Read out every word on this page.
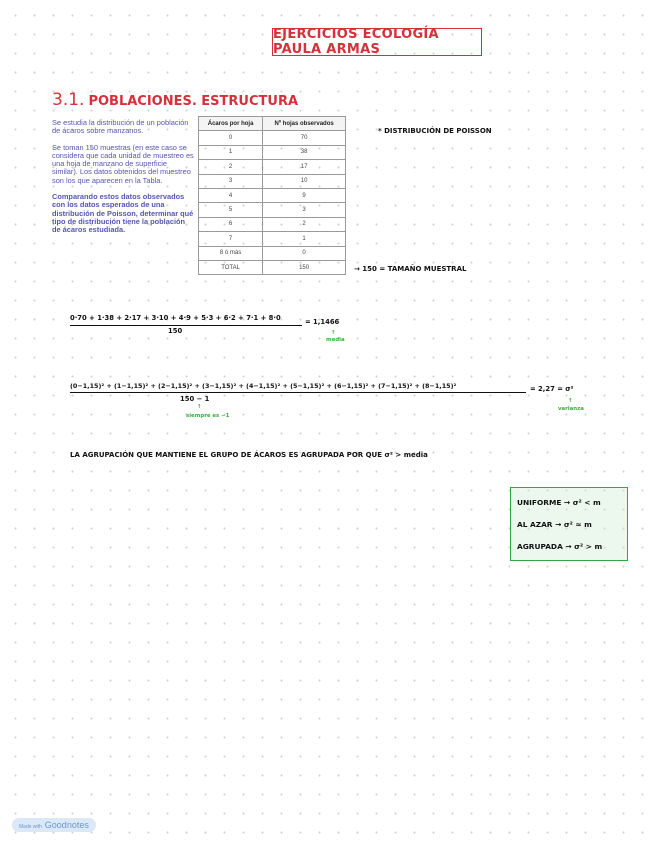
EJERCICIOS ECOLOGÍA PAULA ARMAS
3.1. POBLACIONES. ESTRUCTURA

Se estudia la distribución de un población de ácaros sobre manzanos.

Se toman 150 muestras (en este caso se considera que cada unidad de muestreo es una hoja de manzano de superficie similar). Los datos obtenidos del muestreo son los que aparecen en la Tabla.

Comparando estos datos observados con los datos esperados de una distribución de Poisson, determinar qué tipo de distribución tiene la población de ácaros estudiada.

Ácaros por hoja	Nº hojas observados
0	70
1	38
2	17
3	10
4	9
5	3
6	2
7	1
8 ó más	0
TOTAL	150
* DISTRIBUCIÓN DE POISSON
→ 150 = TAMAÑO MUESTRAL
0·70 + 1·38 + 2·17 + 3·10 + 4·9 + 5·3 + 6·2 + 7·1 + 8·0
150
= 1,1466
↑
media
(0−1,15)² + (1−1,15)² + (2−1,15)² + (3−1,15)² + (4−1,15)² + (5−1,15)² + (6−1,15)² + (7−1,15)² + (8−1,15)²
150 − 1
↑
siempre es −1
= 2,27 = σ²
↑
varianza
LA AGRUPACIÓN QUE MANTIENE EL GRUPO DE ÁCAROS ES AGRUPADA POR QUE σ² > media
UNIFORME → σ² < m
AL AZAR → σ² ≈ m
AGRUPADA → σ² > m
Made with Goodnotes
